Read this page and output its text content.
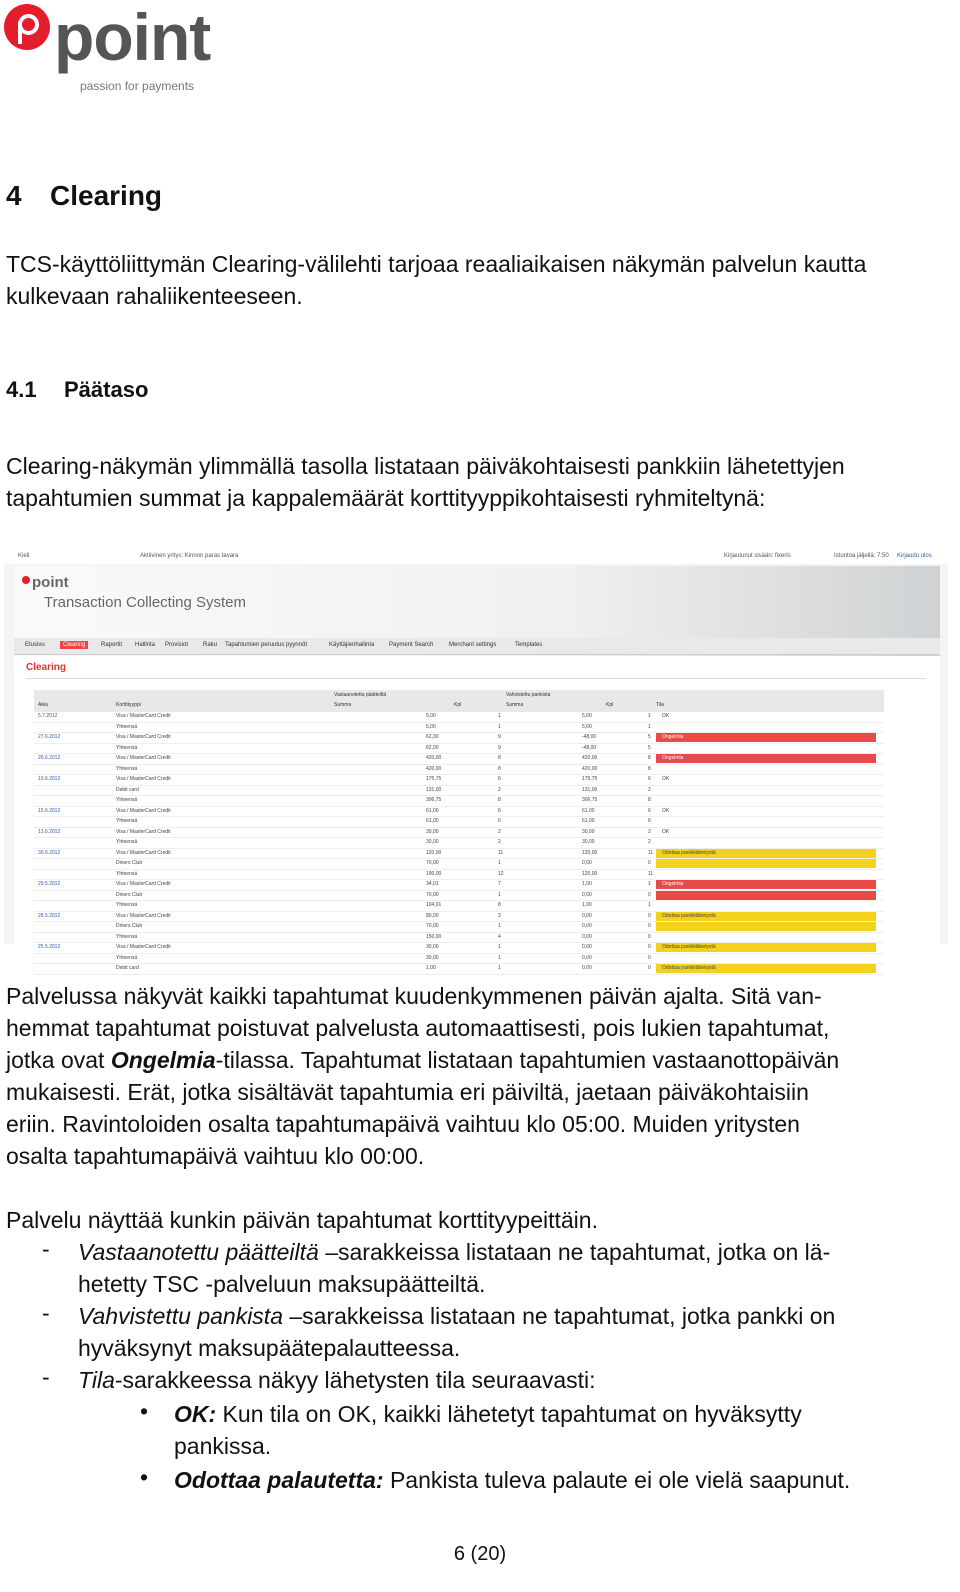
point
passion for payments
4 Clearing

TCS-käyttöliittymän Clearing-välilehti tarjoaa reaaliaikaisen näkymän palvelun kautta kulkevaan rahaliikenteeseen.

4.1 Päätaso

Clearing-näkymän ylimmällä tasolla listataan päiväkohtaisesti pankkiin lähetettyjen tapahtumien summat ja kappalemäärät korttityyppikohtaisesti ryhmiteltynä:

Kieli	Aktiivinen yritys: Kinnon paras tavara	Kirjautunut sisään: fixeris	Istuntoa jäljellä: 7:50 Kirjaudu ulos
point
Transaction Collecting System
Etusivu	Clearing	Raportit	Hallinta	Provisiot	Raku	Tapahtumien peruutus pyynnöt	Käyttäjienhallinta	Payment Search	Merchant settings	Templates
Clearing
Aika	Korttityyppi
Vastaanotettu päätteiltä
Summa	Kpl
Vahvistettu pankista
Summa	Kpl	Tila
5.7.2012	Visa / MasterCard Credit	5,00	1	5,00	1 OK
Yhteensä	5,00	1	5,00	1
27.6.2012	Visa / MasterCard Credit	62,00	9	-48,00	5 Ongelmia
Yhteensä	62,00	9	-48,00	5
26.6.2012	Visa / MasterCard Credit	420,00	8	420,00	8 Ongelmia
Yhteensä	420,00	8	420,00	8
19.6.2012	Visa / MasterCard Credit	175,75	6	175,75	6 OK
Debit card	131,00	2	131,00	2
Yhteensä	306,75	8	306,75	8
15.6.2012	Visa / MasterCard Credit	61,00	6	61,00	6 OK
Yhteensä	61,00	6	61,00	6
13.6.2012	Visa / MasterCard Credit	30,00	2	30,00	2 OK
Yhteensä	30,00	2	30,00	2
30.5.2012	Visa / MasterCard Credit	120,00	11	120,00	11 Odottaa pankkilähetystä
Diners Club	70,00	1	0,00	0
Yhteensä	190,00	12	120,00	11
29.5.2012	Visa / MasterCard Credit	34,01	7	1,00	1 Ongelmia
Diners Club	70,00	1	0,00	0
Yhteensä	104,01	8	1,00	1
28.5.2012	Visa / MasterCard Credit	80,00	3	0,00	0 Odottaa pankkilähetystä
Diners Club	70,00	1	0,00	0
Yhteensä	150,00	4	0,00	0
25.5.2012	Visa / MasterCard Credit	30,00	1	0,00	0 Odottaa pankkilähetystä
Yhteensä	30,00	1	0,00	0
Debit card	1,00	1	0,00	0 Odottaa pankkilähetystä
Palvelussa näkyvät kaikki tapahtumat kuudenkymmenen päivän ajalta. Sitä van-
hemmat tapahtumat poistuvat palvelusta automaattisesti, pois lukien tapahtumat,
jotka ovat Ongelmia-tilassa. Tapahtumat listataan tapahtumien vastaanottopäivän
mukaisesti. Erät, jotka sisältävät tapahtumia eri päiviltä, jaetaan päiväkohtaisiin
eriin. Ravintoloiden osalta tapahtumapäivä vaihtuu klo 05:00. Muiden yritysten
osalta tapahtumapäivä vaihtuu klo 00:00.

Palvelu näyttää kunkin päivän tapahtumat korttityypeittäin.

- Vastaanotettu päätteiltä –sarakkeissa listataan ne tapahtumat, jotka on lä-
hetetty TSC -palveluun maksupäätteiltä.
- Vahvistettu pankista –sarakkeissa listataan ne tapahtumat, jotka pankki on
hyväksynyt maksupäätepalautteessa.
- Tila-sarakkeessa näkyy lähetysten tila seuraavasti:
• OK: Kun tila on OK, kaikki lähetetyt tapahtumat on hyväksytty
pankissa.
• Odottaa palautetta: Pankista tuleva palaute ei ole vielä saapunut.
6 (20)
